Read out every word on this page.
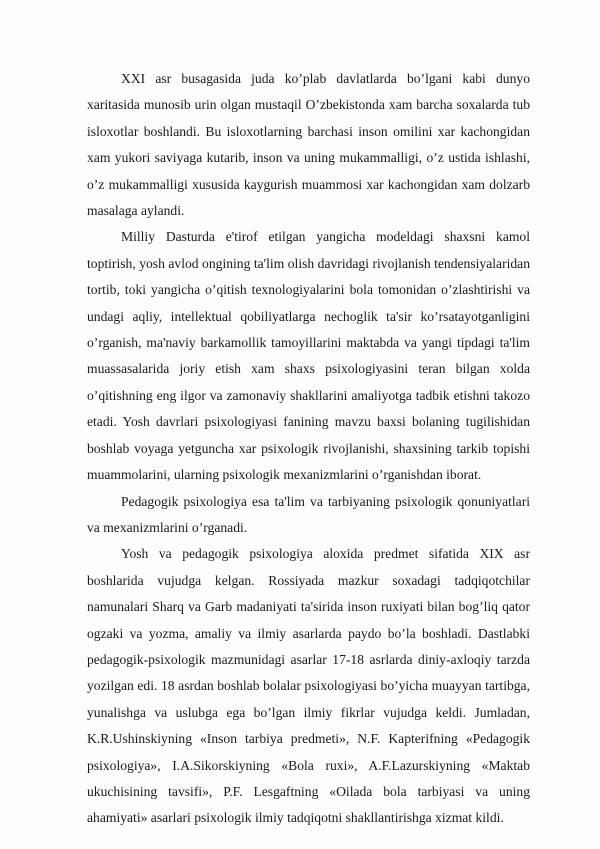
XXI asr busagasida juda ko’plab davlatlarda bo’lgani kabi dunyo xaritasida munosib urin olgan mustaqil O’zbekistonda xam barcha soxalarda tub isloxotlar boshlandi. Bu isloxotlarning barchasi inson omilini xar kachongidan xam yukori saviyaga kutarib, inson va uning mukammalligi, o’z ustida ishlashi, o’z mukammalligi xususida kaygurish muammosi xar kachongidan xam dolzarb masalaga aylandi.

Milliy Dasturda e'tirof etilgan yangicha modeldagi shaxsni kamol toptirish, yosh avlod ongining ta'lim olish davridagi rivojlanish tendensiyalaridan tortib, toki yangicha o’qitish texnologiyalarini bola tomonidan o’zlashtirishi va undagi aqliy, intellektual qobiliyatlarga nechoglik ta'sir ko’rsatayotganligini o’rganish, ma'naviy barkamollik tamoyillarini maktabda va yangi tipdagi ta'lim muassasalarida joriy etish xam shaxs psixologiyasini teran bilgan xolda o’qitishning eng ilgor va zamonaviy shakllarini amaliyotga tadbik etishni takozo etadi. Yosh davrlari psixologiyasi fanining mavzu baxsi bolaning tugilishidan boshlab voyaga yetguncha xar psixologik rivojlanishi, shaxsining tarkib topishi muammolarini, ularning psixologik mexanizmlarini o’rganishdan iborat.

Pedagogik psixologiya esa ta'lim va tarbiyaning psixologik qonuniyatlari va mexanizmlarini o’rganadi.

Yosh va pedagogik psixologiya aloxida predmet sifatida XIX asr boshlarida vujudga kelgan. Rossiyada mazkur soxadagi tadqiqotchilar namunalari Sharq va Garb madaniyati ta'sirida inson ruxiyati bilan bog’liq qator ogzaki va yozma, amaliy va ilmiy asarlarda paydo bo’la boshladi. Dastlabki pedagogik-psixologik mazmunidagi asarlar 17-18 asrlarda diniy-axloqiy tarzda yozilgan edi. 18 asrdan boshlab bolalar psixologiyasi bo’yicha muayyan tartibga, yunalishga va uslubga ega bo’lgan ilmiy fikrlar vujudga keldi. Jumladan, K.R.Ushinskiyning «Inson tarbiya predmeti», N.F. Kapterifning «Pedagogik psixologiya», I.A.Sikorskiyning «Bola ruxi», A.F.Lazurskiyning «Maktab ukuchisining tavsifi», P.F. Lesgaftning «Oilada bola tarbiyasi va uning ahamiyati» asarlari psixologik ilmiy tadqiqotni shakllantirishga xizmat kildi.
